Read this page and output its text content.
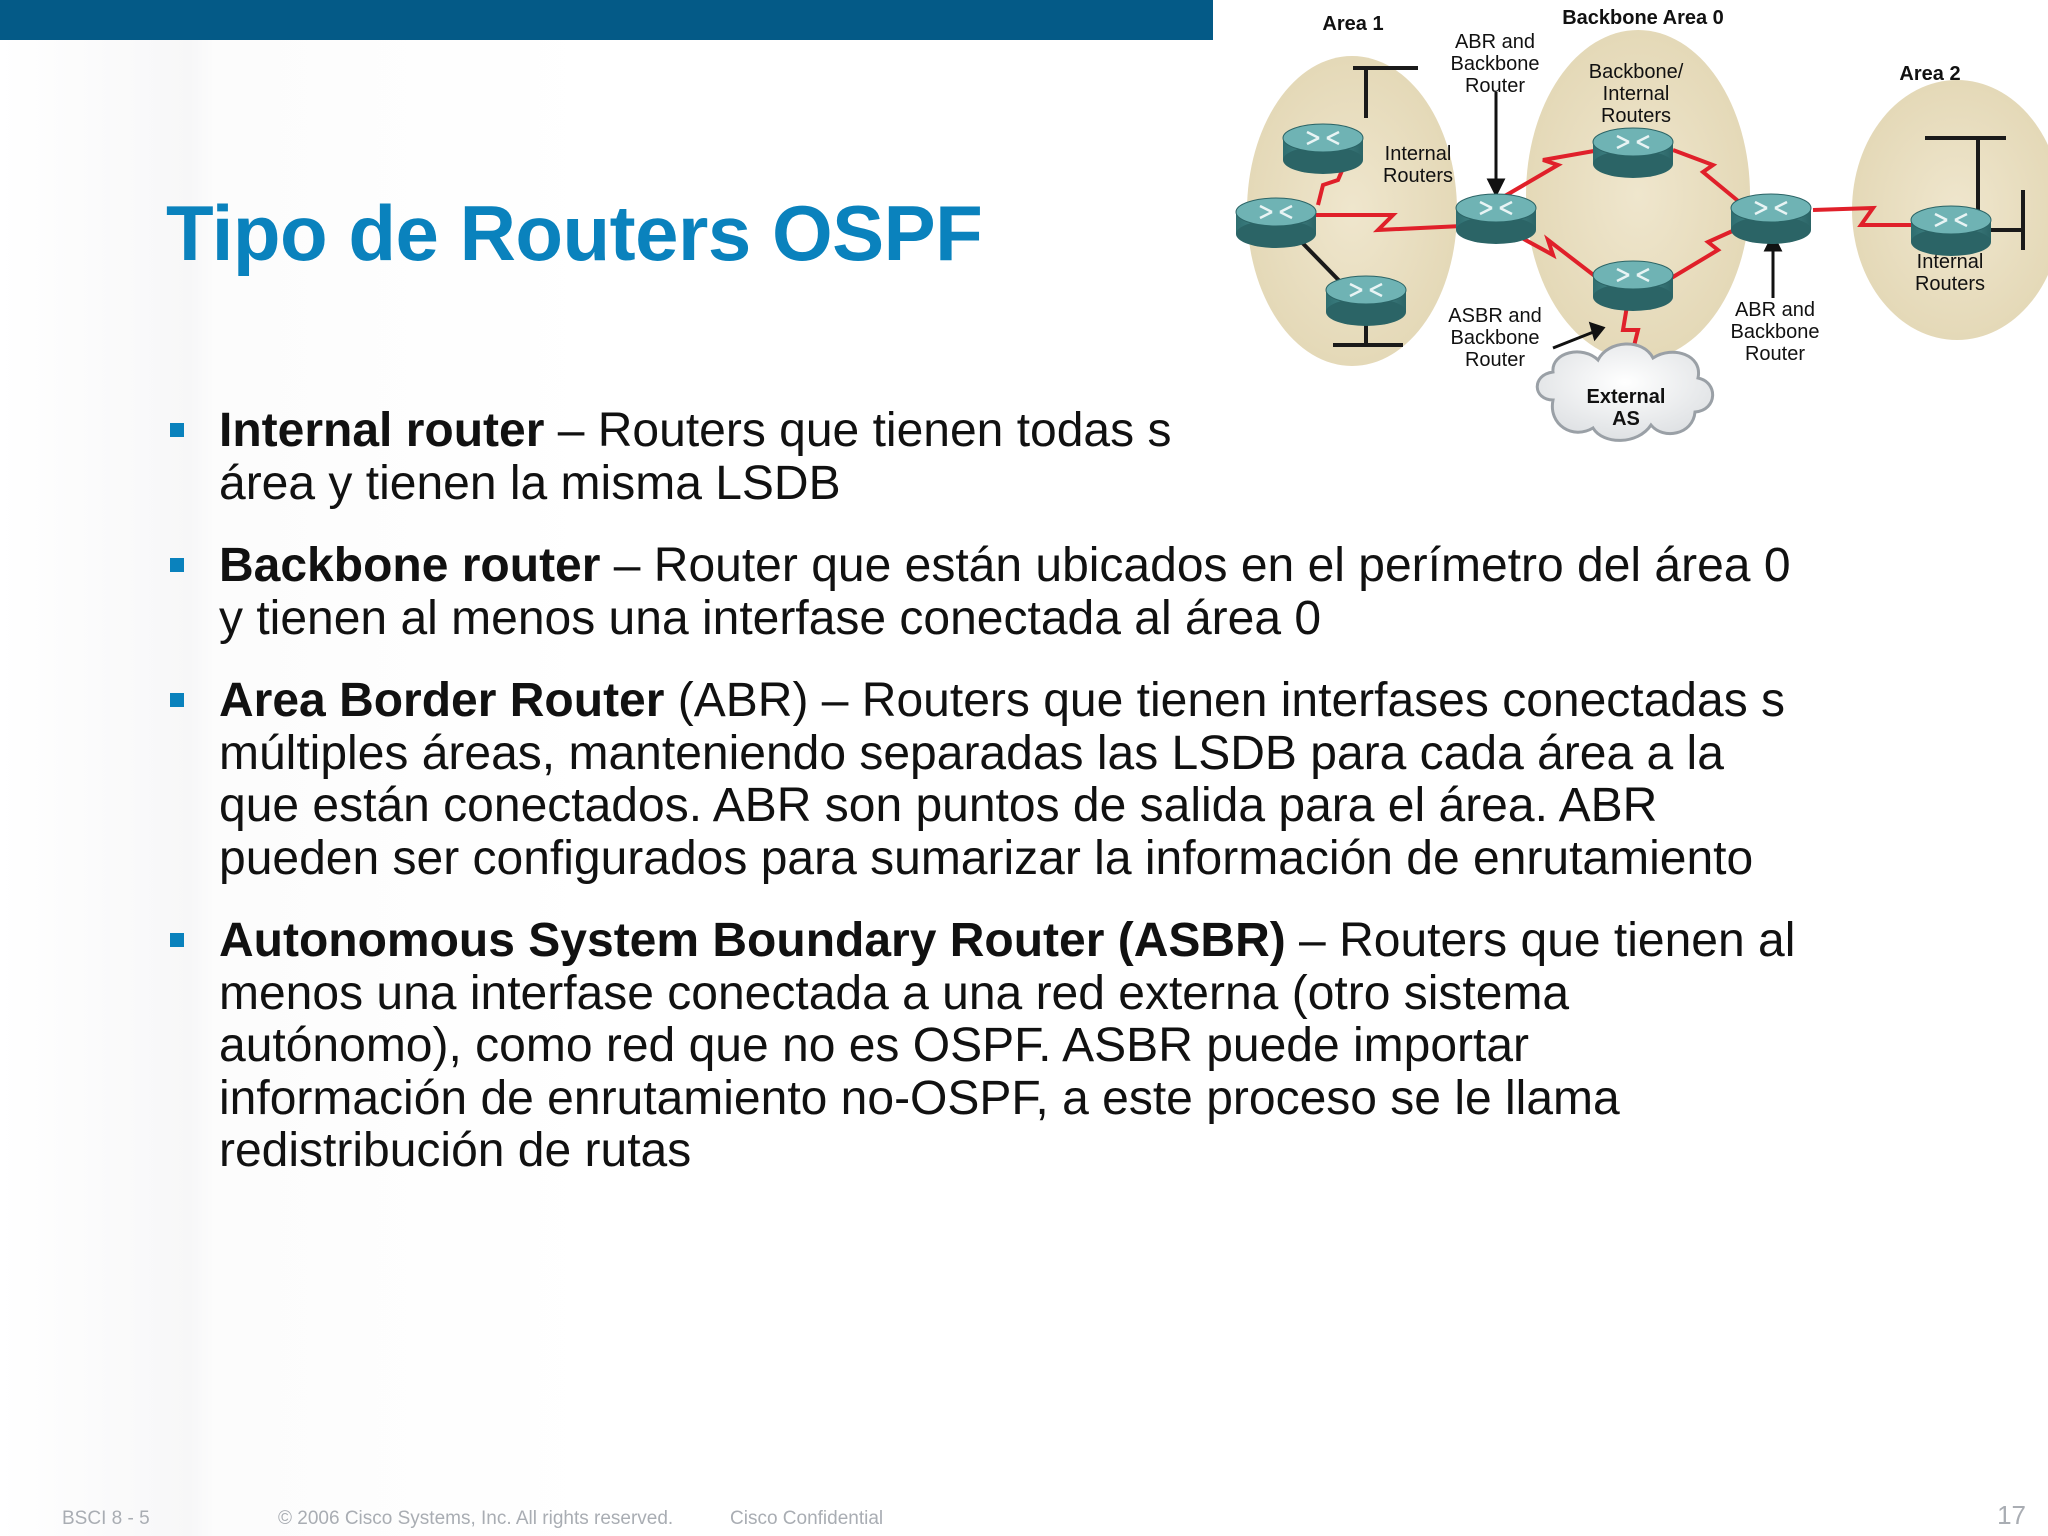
Tipo de Routers OSPF
Internal router – Routers que tienen todas s
área y tienen la misma LSDB
Backbone router – Router que están ubicados en el perímetro del área 0
y tienen al menos una interfase conectada al área 0
Area Border Router (ABR) – Routers que tienen interfases conectadas s
múltiples áreas, manteniendo separadas las LSDB para cada área a la
que están conectados. ABR son puntos de salida para el área. ABR
pueden ser configurados para sumarizar la información de enrutamiento
Autonomous System Boundary Router (ASBR) – Routers que tienen al
menos una interfase conectada a una red externa (otro sistema
autónomo), como red que no es OSPF. ASBR puede importar
información de enrutamiento no-OSPF, a este proceso se le llama
redistribución de rutas
External
AS
Area 1	Backbone Area 0
Area 2
ABR and
Backbone
Router
Backbone/
Internal
Routers
Internal
Routers
ASBR and
Backbone
Router
ABR and
Backbone
Router
Internal
Routers
BSCI 8 - 5	© 2006 Cisco Systems, Inc. All rights reserved.	Cisco Confidential	17
